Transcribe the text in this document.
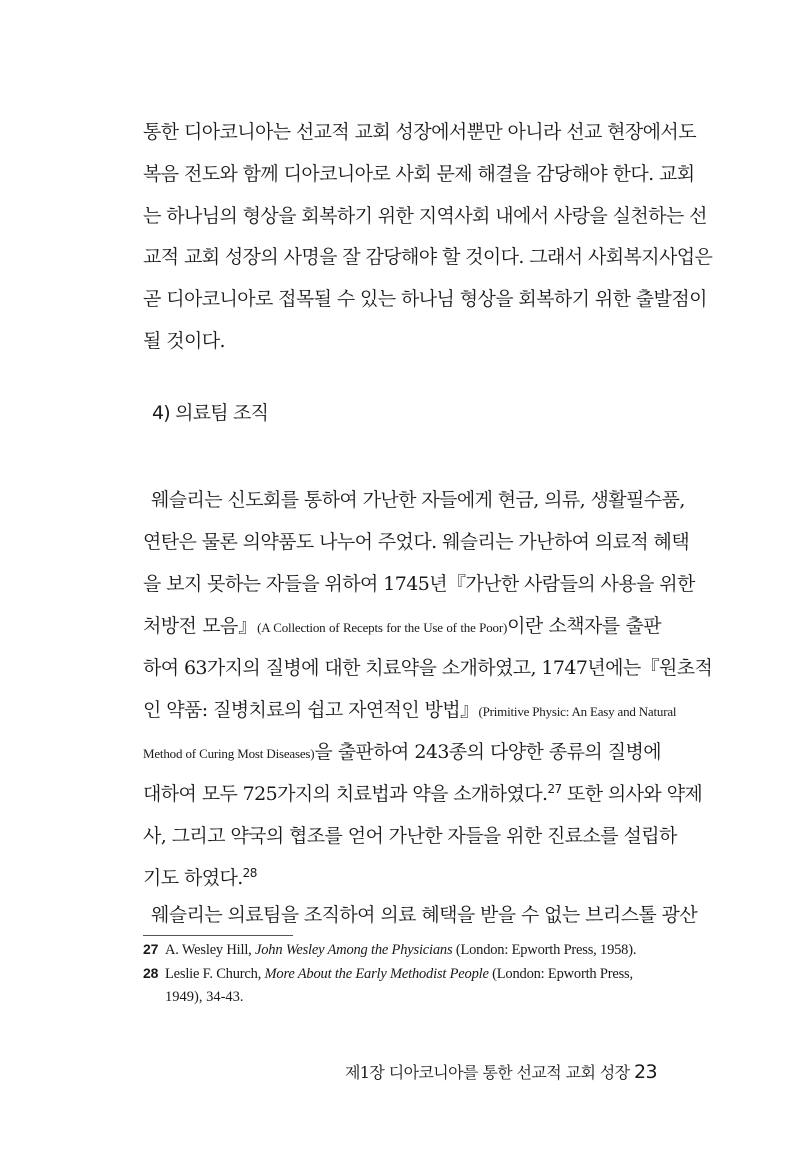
통한 디아코니아는 선교적 교회 성장에서뿐만 아니라 선교 현장에서도
복음 전도와 함께 디아코니아로 사회 문제 해결을 감당해야 한다. 교회
는 하나님의 형상을 회복하기 위한 지역사회 내에서 사랑을 실천하는 선
교적 교회 성장의 사명을 잘 감당해야 할 것이다. 그래서 사회복지사업은
곧 디아코니아로 접목될 수 있는 하나님 형상을 회복하기 위한 출발점이
될 것이다.
4) 의료팀 조직
웨슬리는 신도회를 통하여 가난한 자들에게 현금, 의류, 생활필수품,
연탄은 물론 의약품도 나누어 주었다. 웨슬리는 가난하여 의료적 혜택
을 보지 못하는 자들을 위하여 1745년『가난한 사람들의 사용을 위한
처방전 모음』(A Collection of Recepts for the Use of the Poor)이란 소책자를 출판
하여 63가지의 질병에 대한 치료약을 소개하였고, 1747년에는『원초적
인 약품: 질병치료의 쉽고 자연적인 방법』(Primitive Physic: An Easy and Natural
Method of Curing Most Diseases)을 출판하여 243종의 다양한 종류의 질병에
대하여 모두 725가지의 치료법과 약을 소개하였다.$^{27}$ 또한 의사와 약제
사, 그리고 약국의 협조를 얻어 가난한 자들을 위한 진료소를 설립하
기도 하였다.$^{28}$
웨슬리는 의료팀을 조직하여 의료 혜택을 받을 수 없는 브리스톨 광산
27 A. Wesley Hill, John Wesley Among the Physicians (London: Epworth Press, 1958).
28 Leslie F. Church, More About the Early Methodist People (London: Epworth Press,
1949), 34-43.
제1장 디아코니아를 통한 선교적 교회 성장 23
